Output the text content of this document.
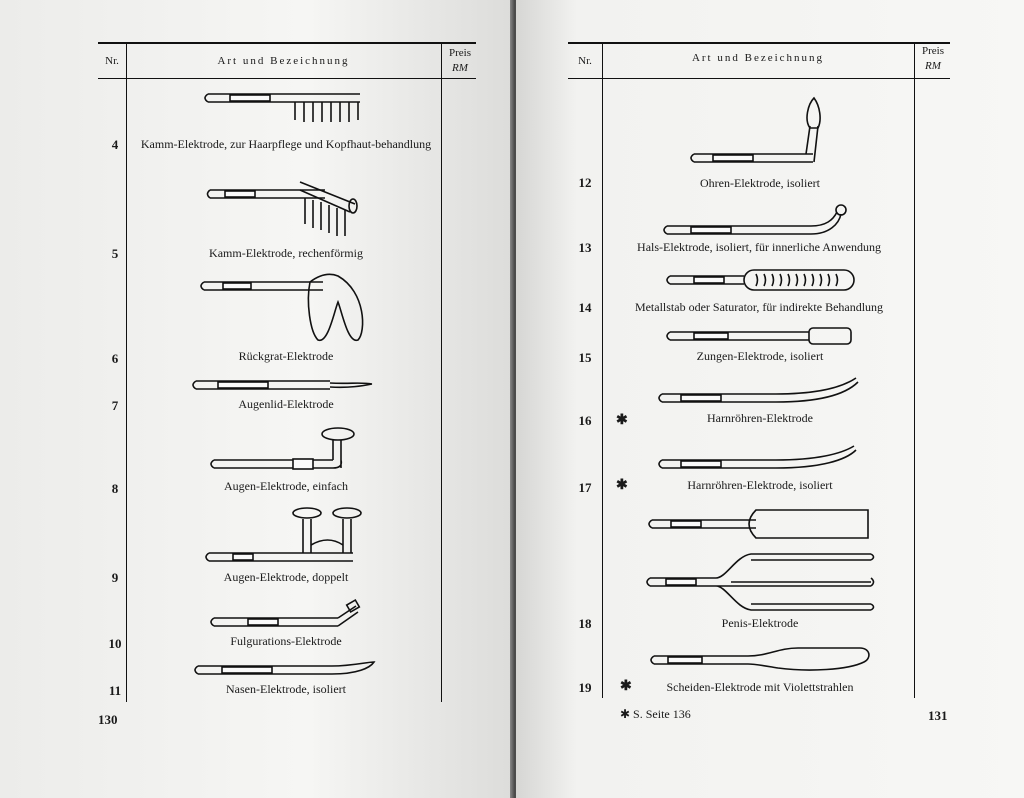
Nr.	Art und Bezeichnung
Preis
RM
4	Kamm-Elektrode, zur Haarpflege und Kopfhaut-behandlung
5	Kamm-Elektrode, rechenförmig
6	Rückgrat-Elektrode
7	Augenlid-Elektrode
8	Augen-Elektrode, einfach
9	Augen-Elektrode, doppelt
10	Fulgurations-Elektrode
11	Nasen-Elektrode, isoliert
130
Nr.	Art und Bezeichnung
Preis
RM
12	Ohren-Elektrode, isoliert
13	Hals-Elektrode, isoliert, für innerliche Anwendung
14	Metallstab oder Saturator, für indirekte Behandlung
15	Zungen-Elektrode, isoliert
16	✱	Harnröhren-Elektrode
17	✱	Harnröhren-Elektrode, isoliert
18	Penis-Elektrode
19	✱	Scheiden-Elektrode mit Violettstrahlen
✱ S. Seite 136	131
